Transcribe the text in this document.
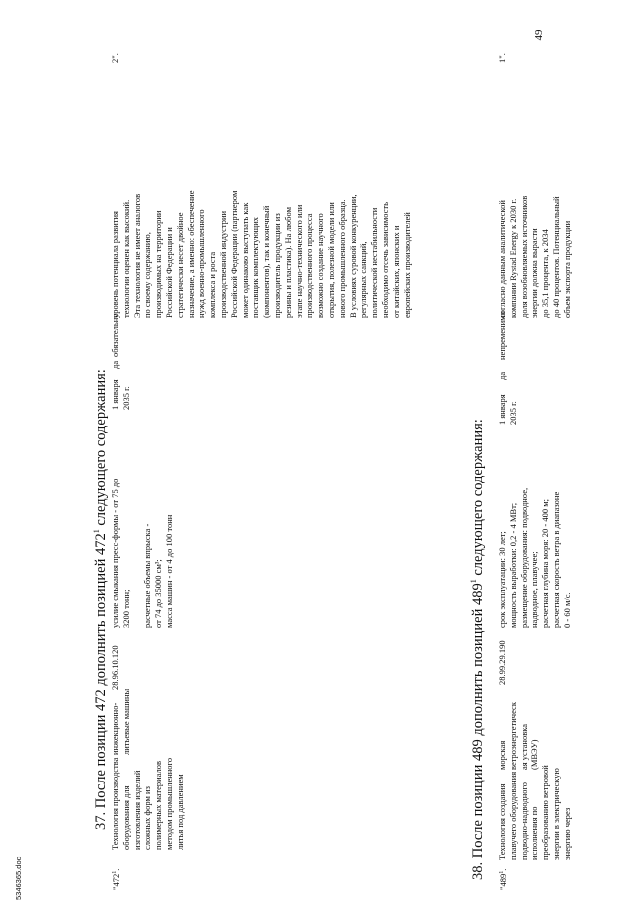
49
37. После позиции 472 дополнить позицией $472^1$ следующего содержания:
"$472^1$.
Технология производства оборудования для изготовления изделий сложных форм из полимерных материалов методом промышленного литья под давлением
инжекционно- литьевые машины
28.96.10.120
усилие смыкания пресс-формы - от 75 до 3200 тонн; расчетные объемы впрыска - от 74 до 35000 см³; масса машин - от 4 до 100 тонн
1 января 2035 г.
да
обязательно
уровень потенциала развития технологии оценен как высокий. Эта технология не имеет аналогов по своему содержанию, производимых на территории Российской Федерации и стратегически несет двойное назначение, а именно: обеспечение нужд военно-промышленного комплекса и роста производственной индустрии Российской Федерации (партнером может одинаково выступать как поставщик комплектующих (компонентов), так и конечный производитель продукции из резины и пластика). На любом этапе научно-технического или производственного процесса возможно создание научного открытия, полезной модели или нового промышленного образца. В условиях суровой конкуренции, регулярных санкций, политической нестабильности необходимо отсечь зависимость от китайских, японских и европейских производителей
2".
38. После позиции 489 дополнить позицией $489^1$ следующего содержания:
"$489^1$.
Технология создания плавучего оборудования подводно-надводного исполнения по преобразованию ветровой энергии в электрическую энергию через
морская ветроэнергетическ ая установка (МВЭУ)
28.99.29.190
срок эксплуатации: 30 лет; мощность выработки: 0,2 - 4 МВт; размещение оборудования: подводное, надводное, плавучее; расчетная глубина моря: 20 - 400 м; расчетная скорость ветра в диапазоне 0 - 60 м/с.
1 января 2035 г.
да
непременимо
согласно данным аналитической компании Rystad Energy к 2030 г. доля возобновляемых источников энергии должна вырасти до 35,1 процента, к 2034 до 40 процентов. Потенциальный объем экспорта продукции
1".
5346365.doc
